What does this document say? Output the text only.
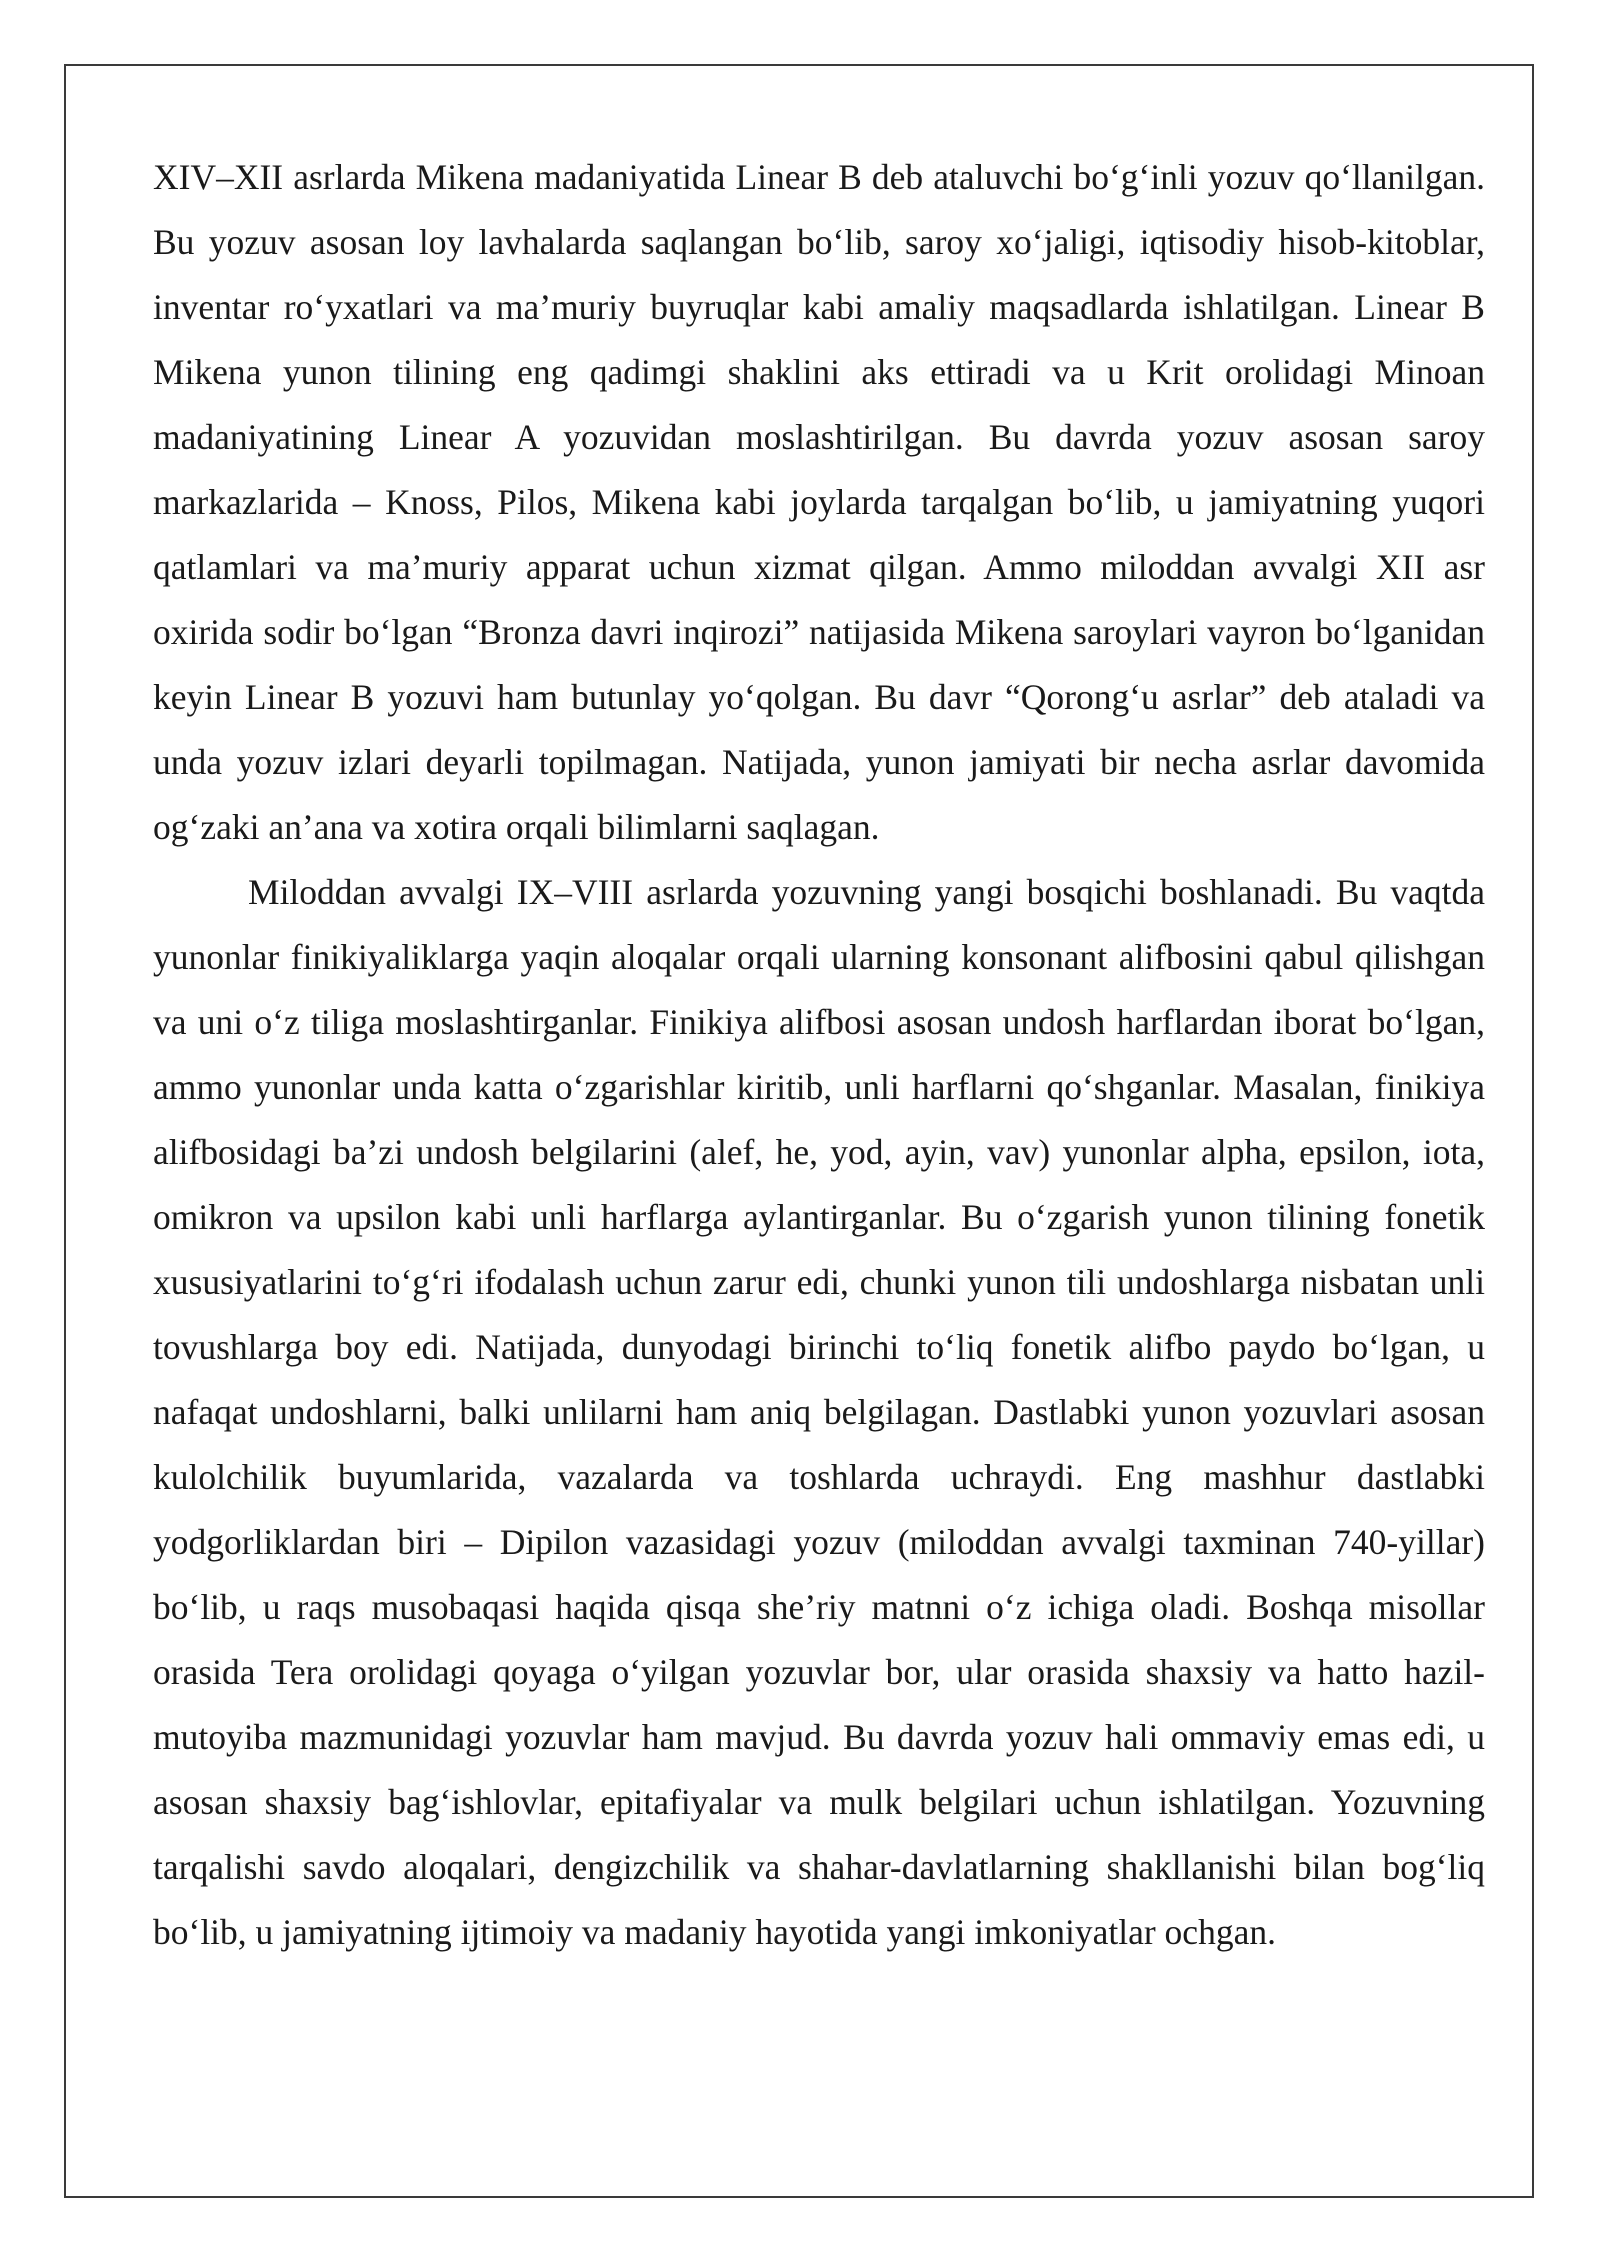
XIV–XII asrlarda Mikena madaniyatida Linear B deb ataluvchi bo‘g‘inli yozuv qo‘llanilgan. Bu yozuv asosan loy lavhalarda saqlangan bo‘lib, saroy xo‘jaligi, iqtisodiy hisob-kitoblar, inventar ro‘yxatlari va ma’muriy buyruqlar kabi amaliy maqsadlarda ishlatilgan. Linear B Mikena yunon tilining eng qadimgi shaklini aks ettiradi va u Krit orolidagi Minoan madaniyatining Linear A yozuvidan moslashtirilgan. Bu davrda yozuv asosan saroy markazlarida – Knoss, Pilos, Mikena kabi joylarda tarqalgan bo‘lib, u jamiyatning yuqori qatlamlari va ma’muriy apparat uchun xizmat qilgan. Ammo miloddan avvalgi XII asr oxirida sodir bo‘lgan “Bronza davri inqirozi” natijasida Mikena saroylari vayron bo‘lganidan keyin Linear B yozuvi ham butunlay yo‘qolgan. Bu davr “Qorong‘u asrlar” deb ataladi va unda yozuv izlari deyarli topilmagan. Natijada, yunon jamiyati bir necha asrlar davomida og‘zaki an’ana va xotira orqali bilimlarni saqlagan.

Miloddan avvalgi IX–VIII asrlarda yozuvning yangi bosqichi boshlanadi. Bu vaqtda yunonlar finikiyaliklarga yaqin aloqalar orqali ularning konsonant alifbosini qabul qilishgan va uni o‘z tiliga moslashtirganlar. Finikiya alifbosi asosan undosh harflardan iborat bo‘lgan, ammo yunonlar unda katta o‘zgarishlar kiritib, unli harflarni qo‘shganlar. Masalan, finikiya alifbosidagi ba’zi undosh belgilarini (alef, he, yod, ayin, vav) yunonlar alpha, epsilon, iota, omikron va upsilon kabi unli harflarga aylantirganlar. Bu o‘zgarish yunon tilining fonetik xususiyatlarini to‘g‘ri ifodalash uchun zarur edi, chunki yunon tili undoshlarga nisbatan unli tovushlarga boy edi. Natijada, dunyodagi birinchi to‘liq fonetik alifbo paydo bo‘lgan, u nafaqat undoshlarni, balki unlilarni ham aniq belgilagan. Dastlabki yunon yozuvlari asosan kulolchilik buyumlarida, vazalarda va toshlarda uchraydi. Eng mashhur dastlabki yodgorliklardan biri – Dipilon vazasidagi yozuv (miloddan avvalgi taxminan 740-yillar) bo‘lib, u raqs musobaqasi haqida qisqa she’riy matnni o‘z ichiga oladi. Boshqa misollar orasida Tera orolidagi qoyaga o‘yilgan yozuvlar bor, ular orasida shaxsiy va hatto hazil-mutoyiba mazmunidagi yozuvlar ham mavjud. Bu davrda yozuv hali ommaviy emas edi, u asosan shaxsiy bag‘ishlovlar, epitafiyalar va mulk belgilari uchun ishlatilgan. Yozuvning tarqalishi savdo aloqalari, dengizchilik va shahar-davlatlarning shakllanishi bilan bog‘liq bo‘lib, u jamiyatning ijtimoiy va madaniy hayotida yangi imkoniyatlar ochgan.
